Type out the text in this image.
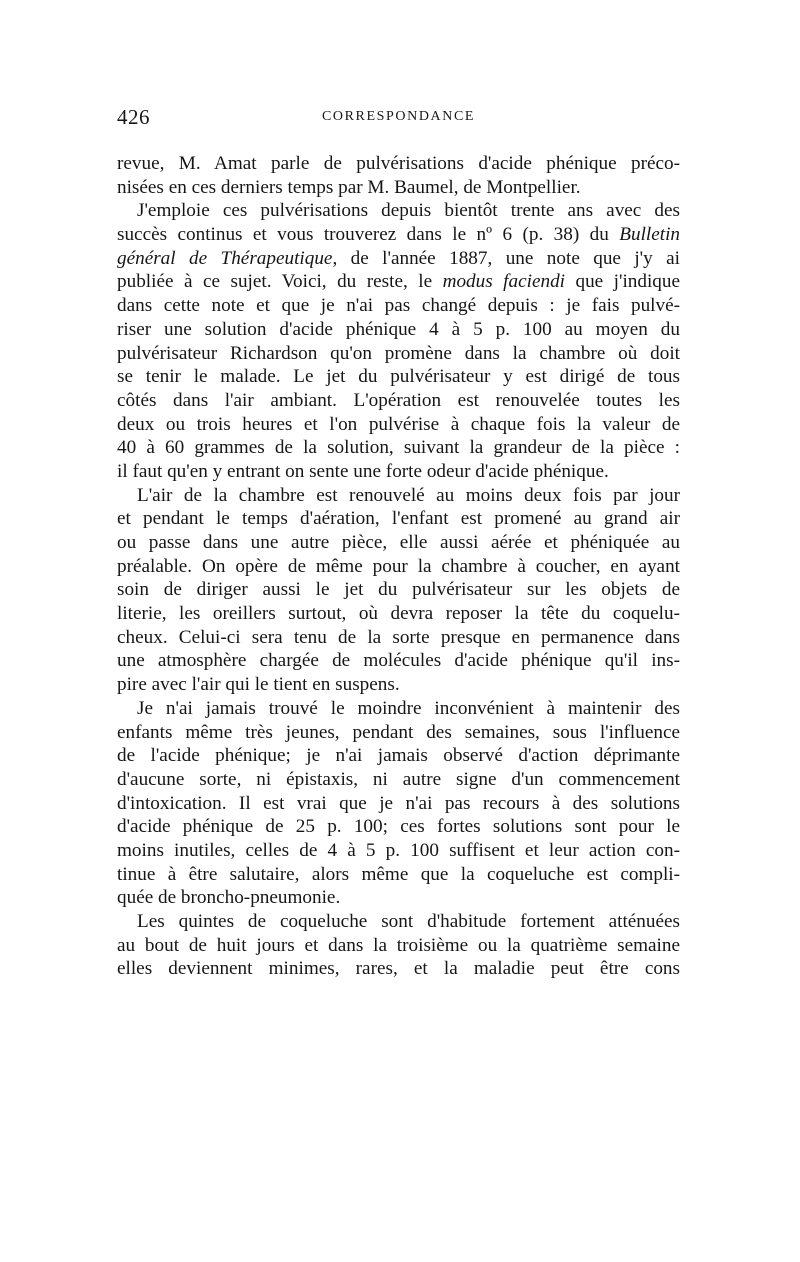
426	CORRESPONDANCE
revue, M. Amat parle de pulvérisations d'acide phénique préco-
nisées en ces derniers temps par M. Baumel, de Montpellier.
J'emploie ces pulvérisations depuis bientôt trente ans avec des
succès continus et vous trouverez dans le nº 6 (p. 38) du Bulletin
général de Thérapeutique, de l'année 1887, une note que j'y ai
publiée à ce sujet. Voici, du reste, le modus faciendi que j'indique
dans cette note et que je n'ai pas changé depuis : je fais pulvé-
riser une solution d'acide phénique 4 à 5 p. 100 au moyen du
pulvérisateur Richardson qu'on promène dans la chambre où doit
se tenir le malade. Le jet du pulvérisateur y est dirigé de tous
côtés dans l'air ambiant. L'opération est renouvelée toutes les
deux ou trois heures et l'on pulvérise à chaque fois la valeur de
40 à 60 grammes de la solution, suivant la grandeur de la pièce :
il faut qu'en y entrant on sente une forte odeur d'acide phénique.
L'air de la chambre est renouvelé au moins deux fois par jour
et pendant le temps d'aération, l'enfant est promené au grand air
ou passe dans une autre pièce, elle aussi aérée et phéniquée au
préalable. On opère de même pour la chambre à coucher, en ayant
soin de diriger aussi le jet du pulvérisateur sur les objets de
literie, les oreillers surtout, où devra reposer la tête du coquelu-
cheux. Celui-ci sera tenu de la sorte presque en permanence dans
une atmosphère chargée de molécules d'acide phénique qu'il ins-
pire avec l'air qui le tient en suspens.
Je n'ai jamais trouvé le moindre inconvénient à maintenir des
enfants même très jeunes, pendant des semaines, sous l'influence
de l'acide phénique; je n'ai jamais observé d'action déprimante
d'aucune sorte, ni épistaxis, ni autre signe d'un commencement
d'intoxication. Il est vrai que je n'ai pas recours à des solutions
d'acide phénique de 25 p. 100; ces fortes solutions sont pour le
moins inutiles, celles de 4 à 5 p. 100 suffisent et leur action con-
tinue à être salutaire, alors même que la coqueluche est compli-
quée de broncho-pneumonie.
Les quintes de coqueluche sont d'habitude fortement atténuées
au bout de huit jours et dans la troisième ou la quatrième semaine
elles deviennent minimes, rares, et la maladie peut être cons
